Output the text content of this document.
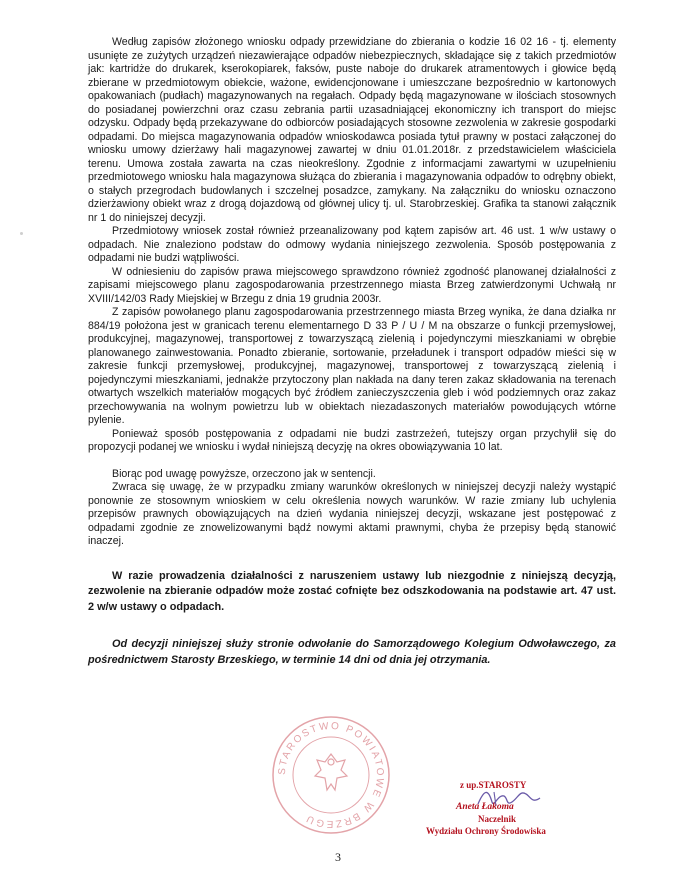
Według zapisów złożonego wniosku odpady przewidziane do zbierania o kodzie 16 02 16 - tj. elementy usunięte ze zużytych urządzeń niezawierające odpadów niebezpiecznych, składające się z takich przedmiotów jak: kartridże do drukarek, kserokopiarek, faksów, puste naboje do drukarek atramentowych i głowice będą zbierane w przedmiotowym obiekcie, ważone, ewidencjonowane i umieszczane bezpośrednio w kartonowych opakowaniach (pudłach) magazynowanych na regałach. Odpady będą magazynowane w ilościach stosownych do posiadanej powierzchni oraz czasu zebrania partii uzasadniającej ekonomiczny ich transport do miejsc odzysku. Odpady będą przekazywane do odbiorców posiadających stosowne zezwolenia w zakresie gospodarki odpadami. Do miejsca magazynowania odpadów wnioskodawca posiada tytuł prawny w postaci załączonej do wniosku umowy dzierżawy hali magazynowej zawartej w dniu 01.01.2018r. z przedstawicielem właściciela terenu. Umowa została zawarta na czas nieokreślony. Zgodnie z informacjami zawartymi w uzupełnieniu przedmiotowego wniosku hala magazynowa służąca do zbierania i magazynowania odpadów to odrębny obiekt, o stałych przegrodach budowlanych i szczelnej posadzce, zamykany. Na załączniku do wniosku oznaczono dzierżawiony obiekt wraz z drogą dojazdową od głównej ulicy tj. ul. Starobrzeskiej. Grafika ta stanowi załącznik nr 1 do niniejszej decyzji.

Przedmiotowy wniosek został również przeanalizowany pod kątem zapisów art. 46 ust. 1 w/w ustawy o odpadach. Nie znaleziono podstaw do odmowy wydania niniejszego zezwolenia. Sposób postępowania z odpadami nie budzi wątpliwości.

W odniesieniu do zapisów prawa miejscowego sprawdzono również zgodność planowanej działalności z zapisami miejscowego planu zagospodarowania przestrzennego miasta Brzeg zatwierdzonymi Uchwałą nr XVIII/142/03 Rady Miejskiej w Brzegu z dnia 19 grudnia 2003r.

Z zapisów powołanego planu zagospodarowania przestrzennego miasta Brzeg wynika, że dana działka nr 884/19 położona jest w granicach terenu elementarnego D 33 P / U / M na obszarze o funkcji przemysłowej, produkcyjnej, magazynowej, transportowej z towarzyszącą zielenią i pojedynczymi mieszkaniami w obrębie planowanego zainwestowania. Ponadto zbieranie, sortowanie, przeładunek i transport odpadów mieści się w zakresie funkcji przemysłowej, produkcyjnej, magazynowej, transportowej z towarzyszącą zielenią i pojedynczymi mieszkaniami, jednakże przytoczony plan nakłada na dany teren zakaz składowania na terenach otwartych wszelkich materiałów mogących być źródłem zanieczyszczenia gleb i wód podziemnych oraz zakaz przechowywania na wolnym powietrzu lub w obiektach niezadaszonych materiałów powodujących wtórne pylenie.

Ponieważ sposób postępowania z odpadami nie budzi zastrzeżeń, tutejszy organ przychylił się do propozycji podanej we wniosku i wydał niniejszą decyzję na okres obowiązywania 10 lat.

Biorąc pod uwagę powyższe, orzeczono jak w sentencji.

Zwraca się uwagę, że w przypadku zmiany warunków określonych w niniejszej decyzji należy wystąpić ponownie ze stosownym wnioskiem w celu określenia nowych warunków. W razie zmiany lub uchylenia przepisów prawnych obowiązujących na dzień wydania niniejszej decyzji, wskazane jest postępować z odpadami zgodnie ze znowelizowanymi bądź nowymi aktami prawnymi, chyba że przepisy będą stanowić inaczej.

W razie prowadzenia działalności z naruszeniem ustawy lub niezgodnie z niniejszą decyzją, zezwolenie na zbieranie odpadów może zostać cofnięte bez odszkodowania na podstawie art. 47 ust. 2 w/w ustawy o odpadach.

Od decyzji niniejszej służy stronie odwołanie do Samorządowego Kolegium Odwoławczego, za pośrednictwem Starosty Brzeskiego, w terminie 14 dni od dnia jej otrzymania.

STAROSTWO POWIATOWE W BRZEGU
z up.STAROSTY
Aneta Łakoma
Naczelnik
Wydziału Ochrony Środowiska
3
